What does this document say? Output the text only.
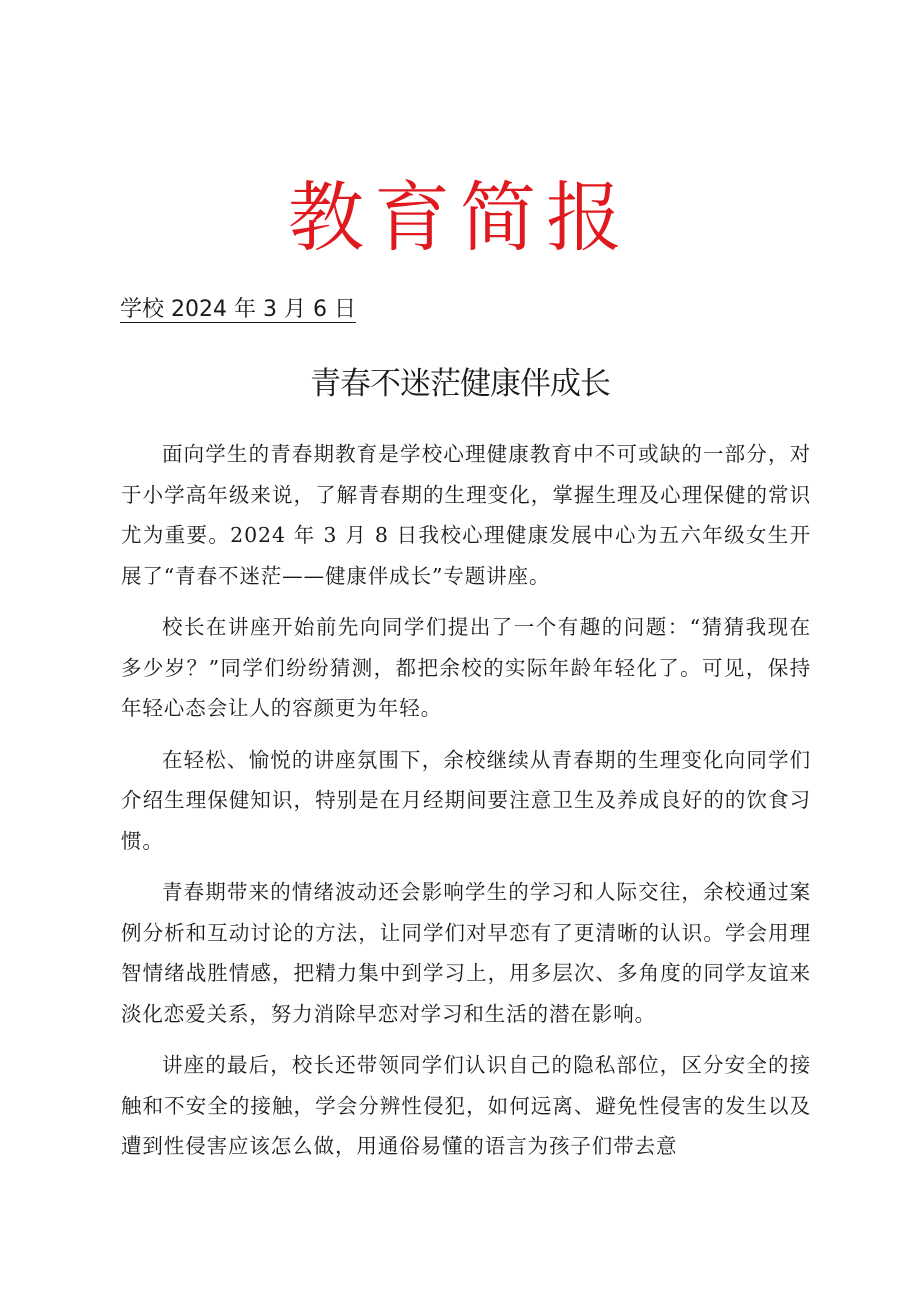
教育简报
学校 2024 年 3 月 6 日
青春不迷茫健康伴成长

面向学生的青春期教育是学校心理健康教育中不可或缺的一部分，对于小学高年级来说，了解青春期的生理变化，掌握生理及心理保健的常识尤为重要。2024 年 3 月 8 日我校心理健康发展中心为五六年级女生开展了“青春不迷茫——健康伴成长”专题讲座。

校长在讲座开始前先向同学们提出了一个有趣的问题：“猜猜我现在多少岁？”同学们纷纷猜测，都把余校的实际年龄年轻化了。可见，保持年轻心态会让人的容颜更为年轻。

在轻松、愉悦的讲座氛围下，余校继续从青春期的生理变化向同学们介绍生理保健知识，特别是在月经期间要注意卫生及养成良好的的饮食习惯。

青春期带来的情绪波动还会影响学生的学习和人际交往，余校通过案例分析和互动讨论的方法，让同学们对早恋有了更清晰的认识。学会用理智情绪战胜情感，把精力集中到学习上，用多层次、多角度的同学友谊来淡化恋爱关系，努力消除早恋对学习和生活的潜在影响。

讲座的最后，校长还带领同学们认识自己的隐私部位，区分安全的接触和不安全的接触，学会分辨性侵犯，如何远离、避免性侵害的发生以及遭到性侵害应该怎么做，用通俗易懂的语言为孩子们带去意
